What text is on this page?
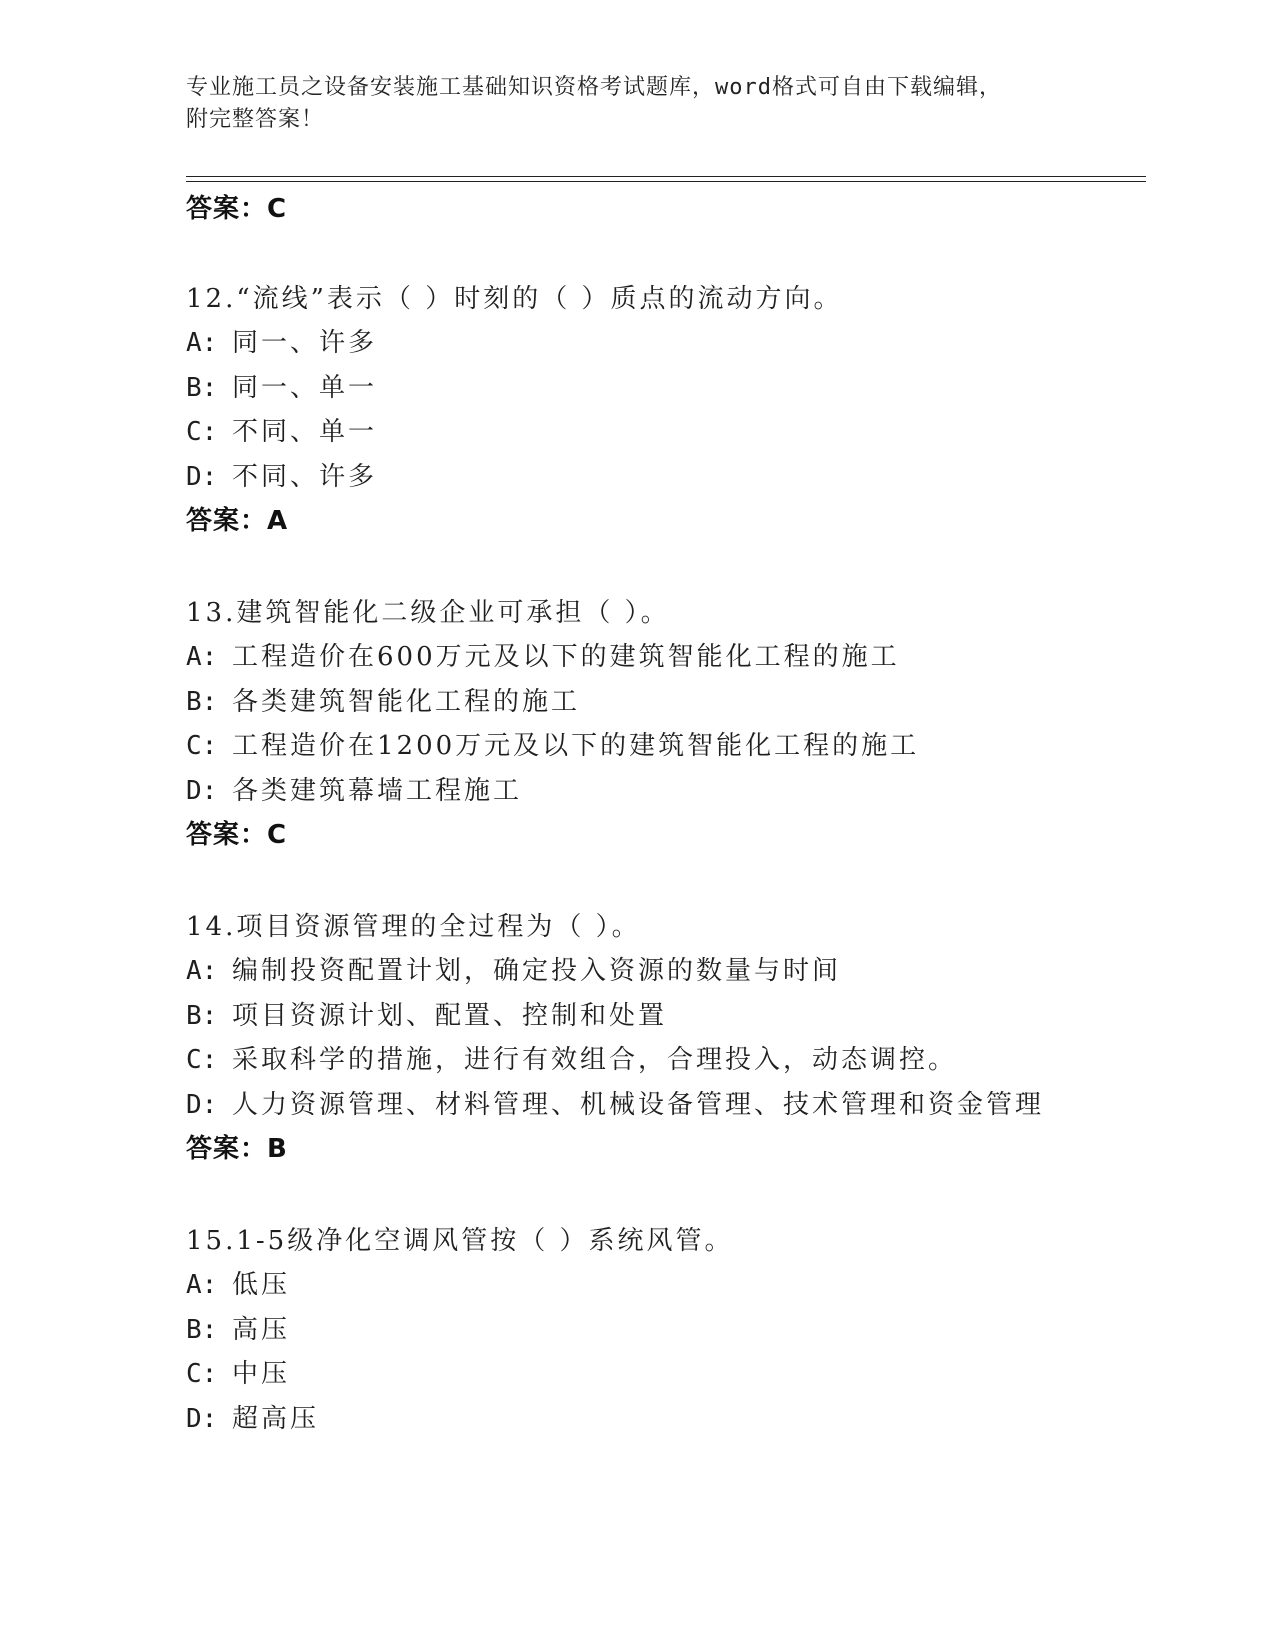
专业施工员之设备安装施工基础知识资格考试题库，word格式可自由下载编辑，
附完整答案！
答案：C
12.“流线”表示（ ）时刻的（ ）质点的流动方向。
A: 同一、许多
B: 同一、单一
C: 不同、单一
D: 不同、许多
答案：A
13.建筑智能化二级企业可承担（ ）。
A: 工程造价在600万元及以下的建筑智能化工程的施工
B: 各类建筑智能化工程的施工
C: 工程造价在1200万元及以下的建筑智能化工程的施工
D: 各类建筑幕墙工程施工
答案：C
14.项目资源管理的全过程为（ ）。
A: 编制投资配置计划，确定投入资源的数量与时间
B: 项目资源计划、配置、控制和处置
C: 采取科学的措施，进行有效组合，合理投入，动态调控。
D: 人力资源管理、材料管理、机械设备管理、技术管理和资金管理
答案：B
15.1-5级净化空调风管按（ ）系统风管。
A: 低压
B: 高压
C: 中压
D: 超高压
